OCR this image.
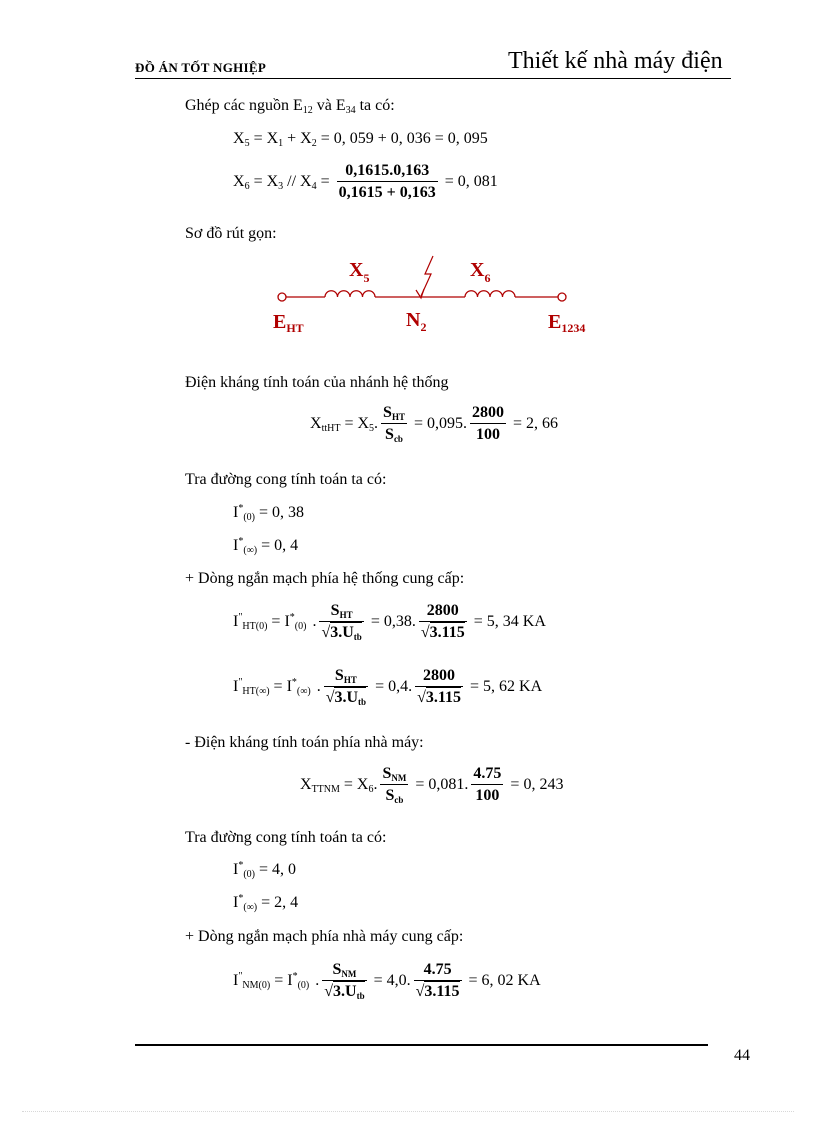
ĐỒ ÁN TỐT NGHIỆP	Thiết kế nhà máy điện
Ghép các nguồn $E_{12}$ và $E_{34}$ ta có:
$X_5 = X_1 + X_2 = 0$, 059 + 0, 036 = 0, 095
$X_6 = X_3 // X_4 = \frac{0,1615.0,163}{0,1615 + 0,163} = 0$, 081
Sơ đồ rút gọn:
$X_5$	$X_6$
$E_{HT}$	$N_2$	$E_{1234}$
Điện kháng tính toán của nhánh hệ thống
$X_{ttHT} = X_5$. $\frac{S_{HT}}{S_{cb}} = 0,095$. $\frac{2800}{100} = 2$, 66
Tra đường cong tính toán ta có:
$I^*_{(0)} = 0$, 38
$I^*_{(\infty)} = 0$, 4
+ Dòng ngắn mạch phía hệ thống cung cấp:
$I^"_{HT(0)} = I^*_{(0)}$ . $\frac{S_{HT}}{√3.U_{tb}} = 0,38$. $\frac{2800}{√3.115} = 5$, 34 KA
$I^"_{HT(\infty)} = I^*_{(\infty)}$ . $\frac{S_{HT}}{√3.U_{tb}} = 0,4$. $\frac{2800}{√3.115} = 5$, 62 KA
- Điện kháng tính toán phía nhà máy:
$X_{TTNM} = X_6$. $\frac{S_{NM}}{S_{cb}} = 0,081$. $\frac{4.75}{100} = 0$, 243
Tra đường cong tính toán ta có:
$I^*_{(0)} = 4$, 0
$I^*_{(\infty)} = 2$, 4
+ Dòng ngắn mạch phía nhà máy cung cấp:
$I^"_{NM(0)} = I^*_{(0)}$ . $\frac{S_{NM}}{√3.U_{tb}} = 4,0$. $\frac{4.75}{√3.115} = 6$, 02 KA
44
